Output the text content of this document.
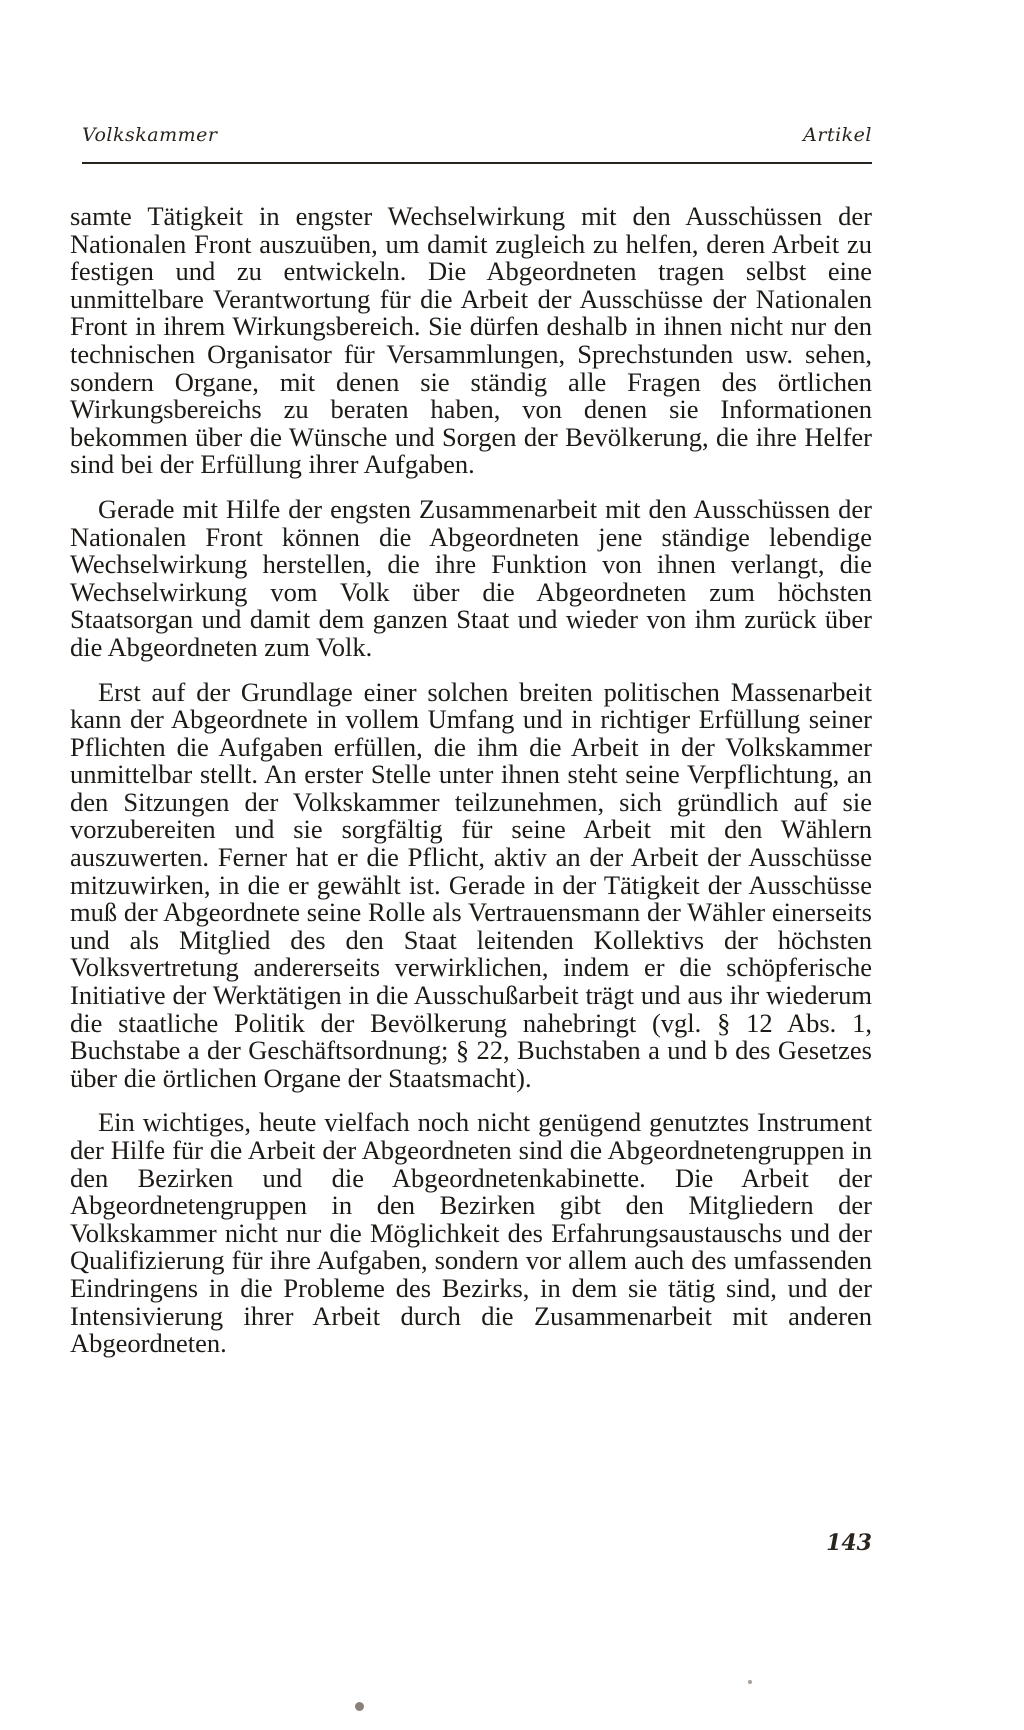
Volkskammer	Artikel

samte Tätigkeit in engster Wechselwirkung mit den Ausschüssen der Nationalen Front auszuüben, um damit zugleich zu helfen, deren Arbeit zu festigen und zu entwickeln. Die Abgeordneten tragen selbst eine unmittelbare Verantwortung für die Arbeit der Ausschüsse der Nationalen Front in ihrem Wirkungsbereich. Sie dürfen deshalb in ihnen nicht nur den technischen Organisator für Versammlungen, Sprechstunden usw. sehen, sondern Organe, mit denen sie ständig alle Fragen des örtlichen Wirkungsbereichs zu beraten haben, von denen sie Informationen bekommen über die Wünsche und Sorgen der Bevölkerung, die ihre Helfer sind bei der Erfüllung ihrer Aufgaben.

Gerade mit Hilfe der engsten Zusammenarbeit mit den Ausschüssen der Nationalen Front können die Abgeordneten jene ständige lebendige Wechselwirkung herstellen, die ihre Funktion von ihnen verlangt, die Wechselwirkung vom Volk über die Abgeordneten zum höchsten Staatsorgan und damit dem ganzen Staat und wieder von ihm zurück über die Abgeordneten zum Volk.

Erst auf der Grundlage einer solchen breiten politischen Massenarbeit kann der Abgeordnete in vollem Umfang und in richtiger Erfüllung seiner Pflichten die Aufgaben erfüllen, die ihm die Arbeit in der Volkskammer unmittelbar stellt. An erster Stelle unter ihnen steht seine Verpflichtung, an den Sitzungen der Volkskammer teilzunehmen, sich gründlich auf sie vorzubereiten und sie sorgfältig für seine Arbeit mit den Wählern auszuwerten. Ferner hat er die Pflicht, aktiv an der Arbeit der Ausschüsse mitzuwirken, in die er gewählt ist. Gerade in der Tätigkeit der Ausschüsse muß der Abgeordnete seine Rolle als Vertrauensmann der Wähler einerseits und als Mitglied des den Staat leitenden Kollektivs der höchsten Volksvertretung andererseits verwirklichen, indem er die schöpferische Initiative der Werktätigen in die Ausschußarbeit trägt und aus ihr wiederum die staatliche Politik der Bevölkerung nahebringt (vgl. § 12 Abs. 1, Buchstabe a der Geschäftsordnung; § 22, Buchstaben a und b des Gesetzes über die örtlichen Organe der Staatsmacht).

Ein wichtiges, heute vielfach noch nicht genügend genutztes Instrument der Hilfe für die Arbeit der Abgeordneten sind die Abgeordnetengruppen in den Bezirken und die Abgeordnetenkabinette. Die Arbeit der Abgeordnetengruppen in den Bezirken gibt den Mitgliedern der Volkskammer nicht nur die Möglichkeit des Erfahrungsaustauschs und der Qualifizierung für ihre Aufgaben, sondern vor allem auch des umfassenden Eindringens in die Probleme des Bezirks, in dem sie tätig sind, und der Intensivierung ihrer Arbeit durch die Zusammenarbeit mit anderen Abgeordneten.

143
